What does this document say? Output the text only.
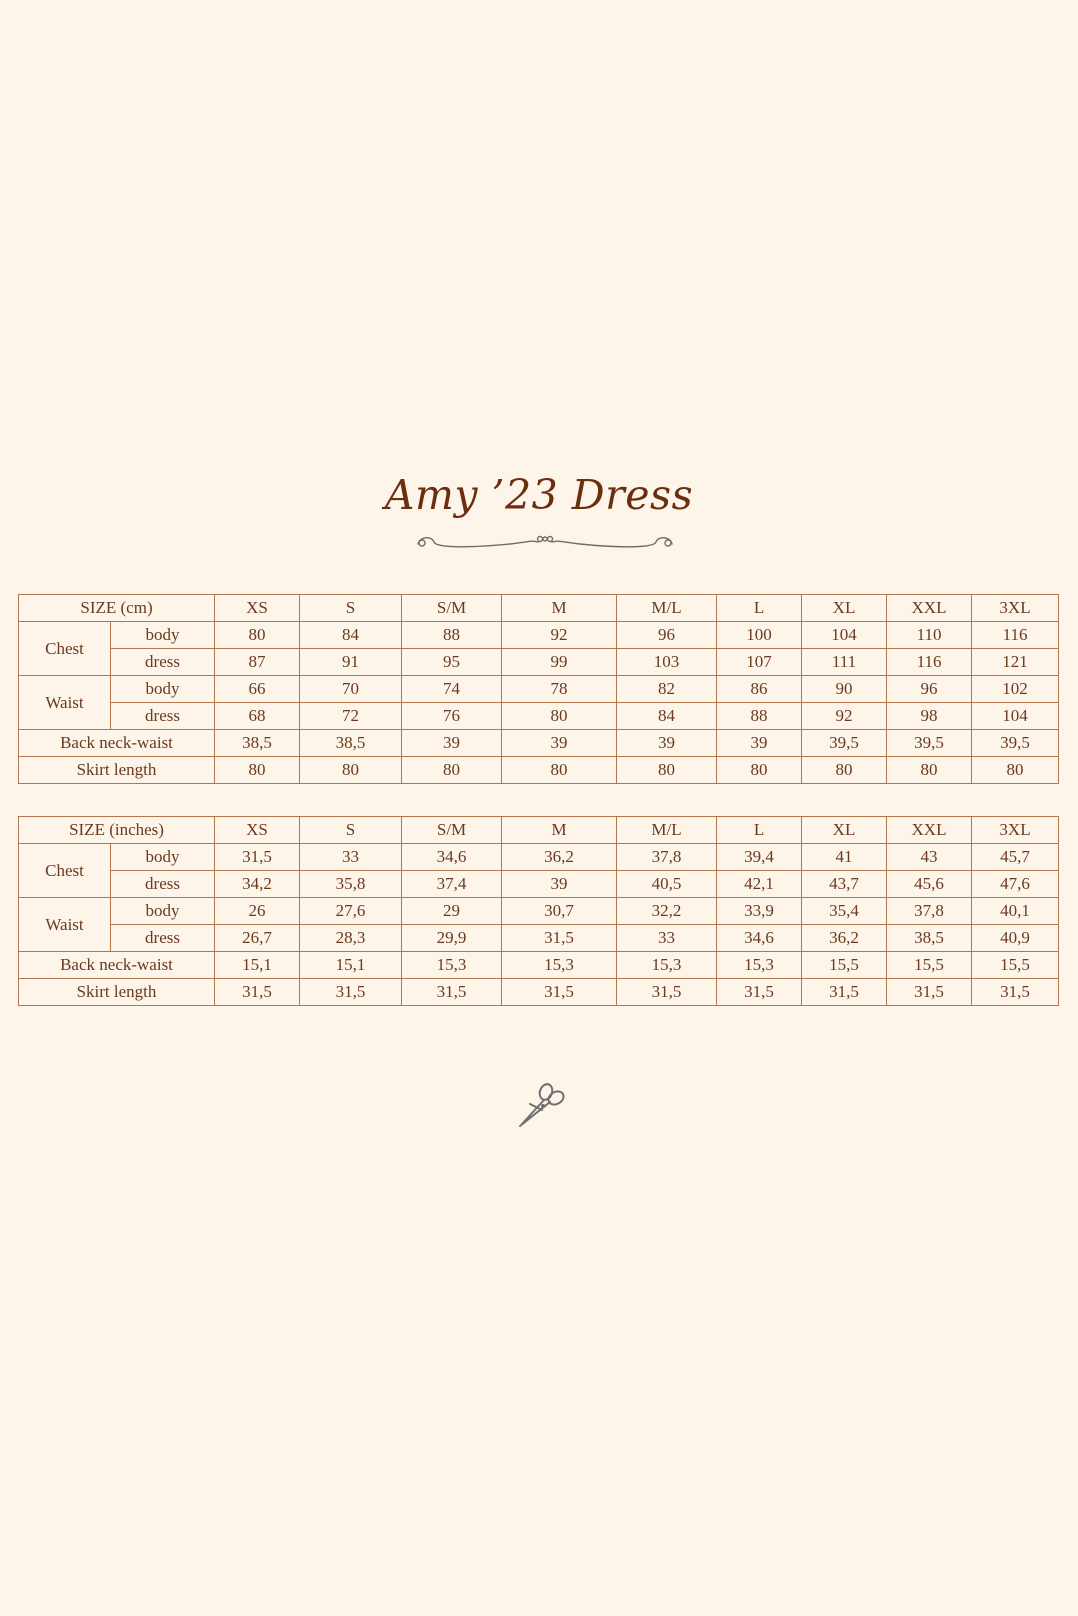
Amy ’23 Dress
SIZE (cm)		XS	S	S/M	M	M/L	L	XL	XXL	3XL
Chest	body	80	84	88	92	96	100	104	110	116
	dress	87	91	95	99	103	107	111	116	121
Waist	body	66	70	74	78	82	86	90	96	102
	dress	68	72	76	80	84	88	92	98	104
Back neck-waist		38,5	38,5	39	39	39	39	39,5	39,5	39,5
Skirt length		80	80	80	80	80	80	80	80	80
SIZE (inches)		XS	S	S/M	M	M/L	L	XL	XXL	3XL
Chest	body	31,5	33	34,6	36,2	37,8	39,4	41	43	45,7
	dress	34,2	35,8	37,4	39	40,5	42,1	43,7	45,6	47,6
Waist	body	26	27,6	29	30,7	32,2	33,9	35,4	37,8	40,1
	dress	26,7	28,3	29,9	31,5	33	34,6	36,2	38,5	40,9
Back neck-waist		15,1	15,1	15,3	15,3	15,3	15,3	15,5	15,5	15,5
Skirt length		31,5	31,5	31,5	31,5	31,5	31,5	31,5	31,5	31,5
